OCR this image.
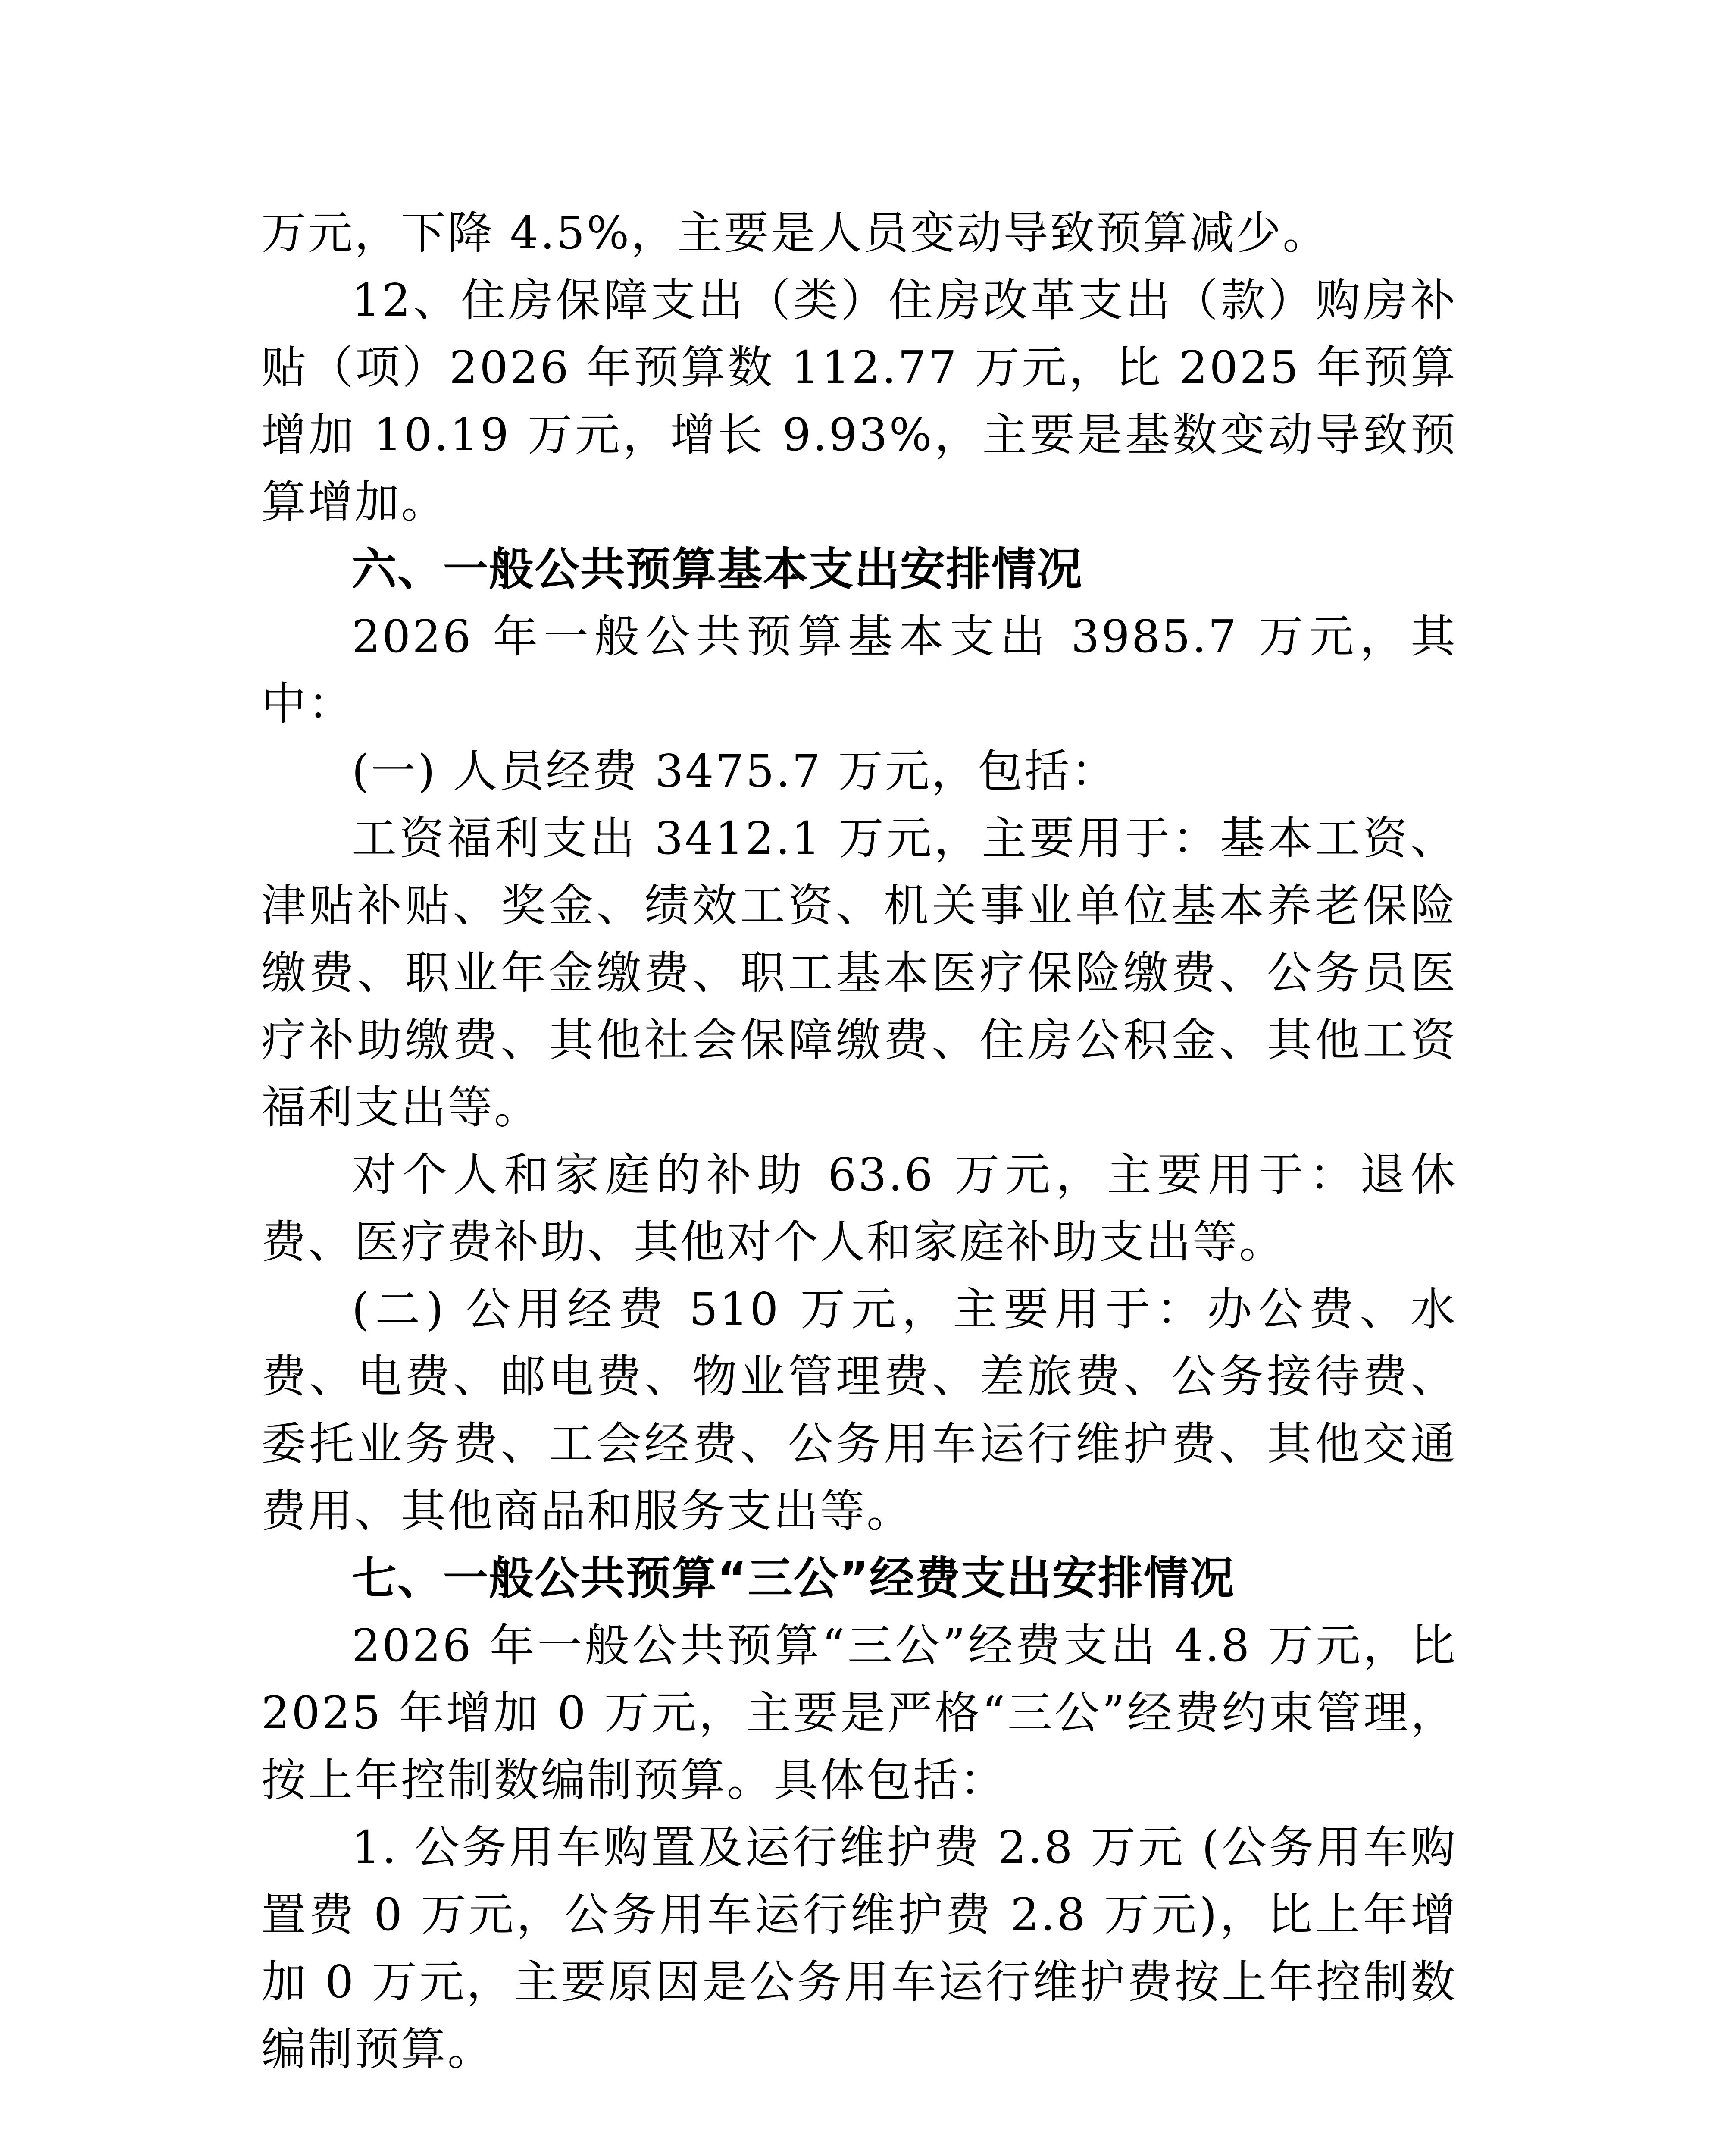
万元，下降 4.5%，主要是人员变动导致预算减少。

12、住房保障支出（类）住房改革支出（款）购房补贴（项）2026 年预算数 112.77 万元，比 2025 年预算增加 10.19 万元，增长 9.93%，主要是基数变动导致预算增加。

六、一般公共预算基本支出安排情况

2026 年一般公共预算基本支出 3985.7 万元，其中：

(一) 人员经费 3475.7 万元，包括：

工资福利支出 3412.1 万元，主要用于：基本工资、津贴补贴、奖金、绩效工资、机关事业单位基本养老保险缴费、职业年金缴费、职工基本医疗保险缴费、公务员医疗补助缴费、其他社会保障缴费、住房公积金、其他工资福利支出等。

对个人和家庭的补助 63.6 万元，主要用于：退休费、医疗费补助、其他对个人和家庭补助支出等。

(二) 公用经费 510 万元，主要用于：办公费、水费、电费、邮电费、物业管理费、差旅费、公务接待费、委托业务费、工会经费、公务用车运行维护费、其他交通费用、其他商品和服务支出等。

七、一般公共预算“三公”经费支出安排情况

2026 年一般公共预算“三公”经费支出 4.8 万元，比 2025 年增加 0 万元，主要是严格“三公”经费约束管理，按上年控制数编制预算。具体包括：

1. 公务用车购置及运行维护费 2.8 万元 (公务用车购置费 0 万元，公务用车运行维护费 2.8 万元)，比上年增加 0 万元，主要原因是公务用车运行维护费按上年控制数编制预算。
